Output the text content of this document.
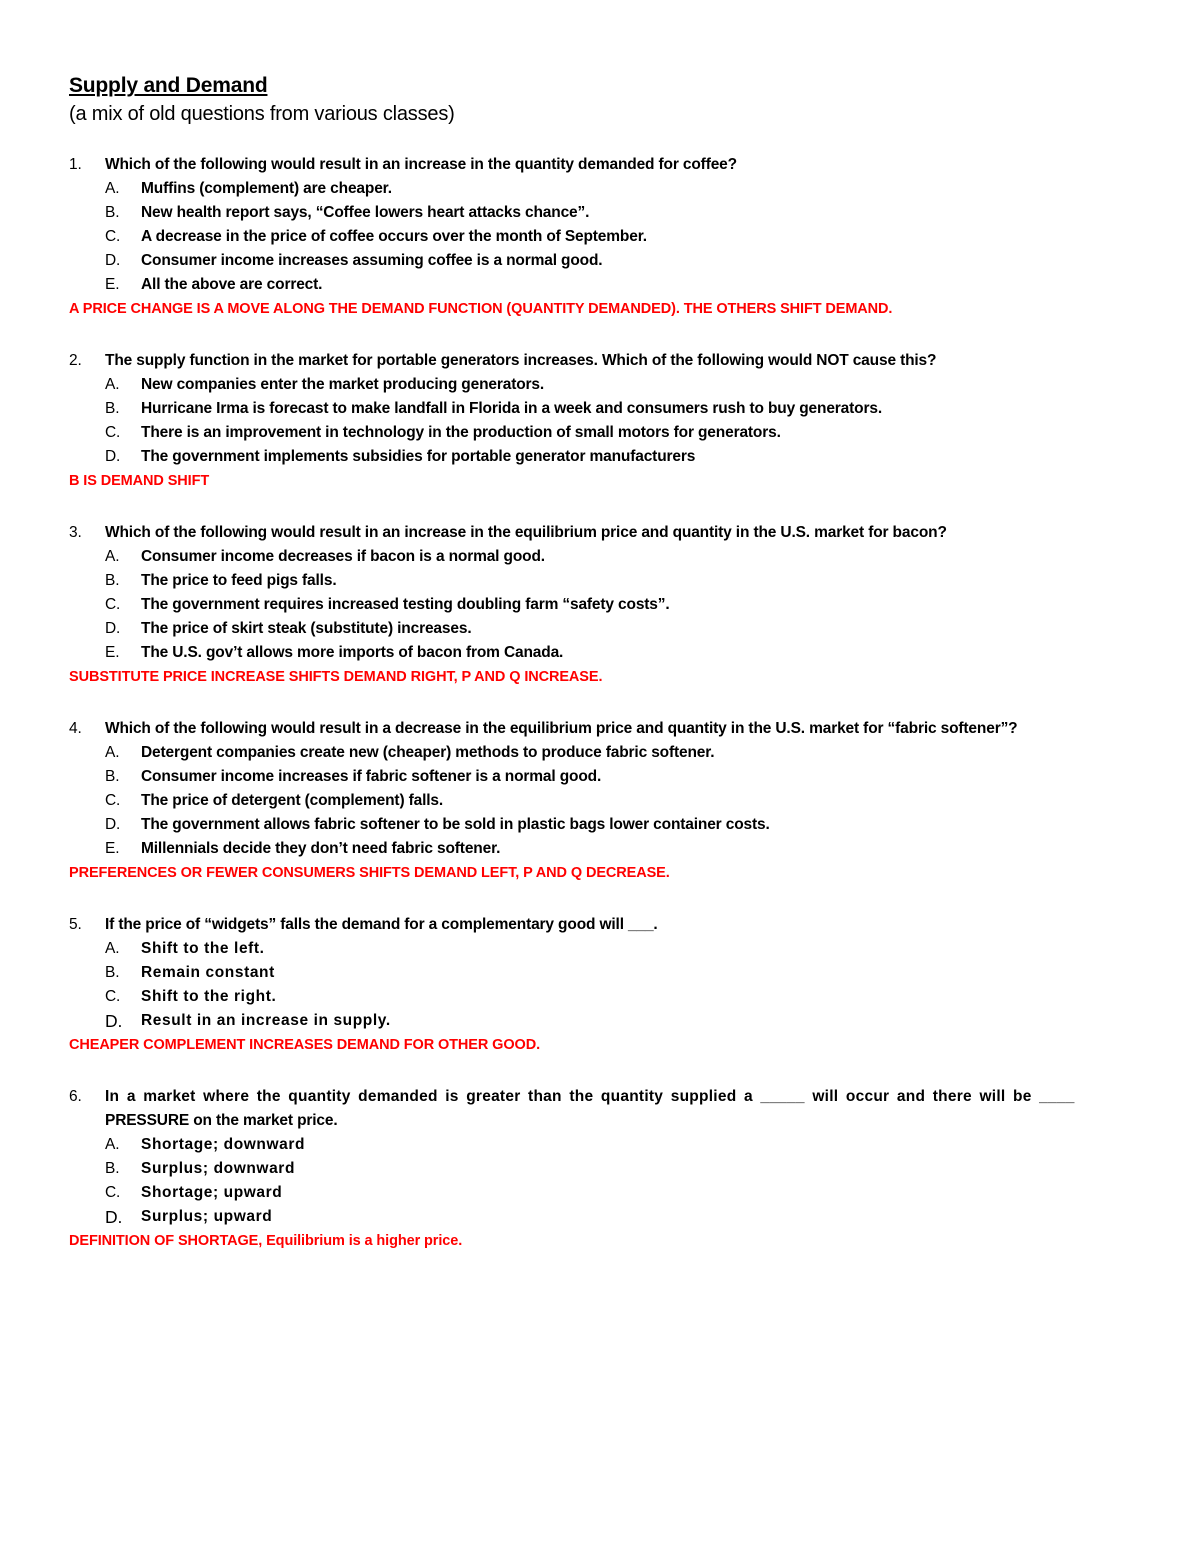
Supply and Demand
(a mix of old questions from various classes)
1.	Which of the following would result in an increase in the quantity demanded for coffee?
A.	Muffins (complement) are cheaper.
B.	New health report says, “Coffee lowers heart attacks chance”.
C.	A decrease in the price of coffee occurs over the month of September.
D.	Consumer income increases assuming coffee is a normal good.
E.	All the above are correct.
A PRICE CHANGE IS A MOVE ALONG THE DEMAND FUNCTION (QUANTITY DEMANDED). THE OTHERS SHIFT DEMAND.
2.	The supply function in the market for portable generators increases. Which of the following would NOT cause this?
A.	New companies enter the market producing generators.
B.	Hurricane Irma is forecast to make landfall in Florida in a week and consumers rush to buy generators.
C.	There is an improvement in technology in the production of small motors for generators.
D.	The government implements subsidies for portable generator manufacturers
B IS DEMAND SHIFT
3.	Which of the following would result in an increase in the equilibrium price and quantity in the U.S. market for bacon?
A.	Consumer income decreases if bacon is a normal good.
B.	The price to feed pigs falls.
C.	The government requires increased testing doubling farm “safety costs”.
D.	The price of skirt steak (substitute) increases.
E.	The U.S. gov’t allows more imports of bacon from Canada.
SUBSTITUTE PRICE INCREASE SHIFTS DEMAND RIGHT, P AND Q INCREASE.
4.	Which of the following would result in a decrease in the equilibrium price and quantity in the U.S. market for “fabric softener”?
A.	Detergent companies create new (cheaper) methods to produce fabric softener.
B.	Consumer income increases if fabric softener is a normal good.
C.	The price of detergent (complement) falls.
D.	The government allows fabric softener to be sold in plastic bags lower container costs.
E.	Millennials decide they don’t need fabric softener.
PREFERENCES OR FEWER CONSUMERS SHIFTS DEMAND LEFT, P AND Q DECREASE.
5.	If the price of “widgets” falls the demand for a complementary good will ___.
A.	Shift to the left.
B.	Remain constant
C.	Shift to the right.
D.	Result in an increase in supply.
CHEAPER COMPLEMENT INCREASES DEMAND FOR OTHER GOOD.
6.	In a market where the quantity demanded is greater than the quantity supplied a _____ will occur and there will be ____
PRESSURE on the market price.
A.	Shortage; downward
B.	Surplus; downward
C.	Shortage; upward
D.	Surplus; upward
DEFINITION OF SHORTAGE, Equilibrium is a higher price.
